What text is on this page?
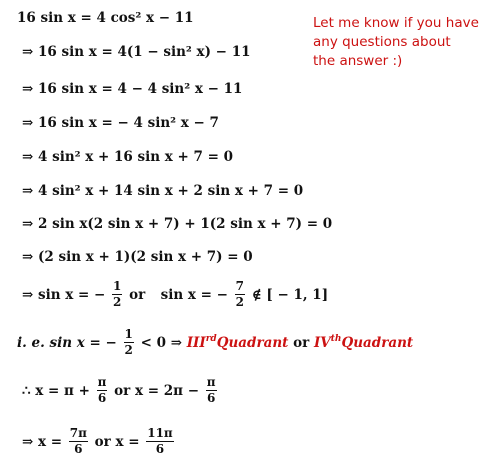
Let me know if you have
any questions about
the answer :)
16 sin x = 4 cos² x − 11
⇒ 16 sin x = 4(1 − sin² x) − 11
⇒ 16 sin x = 4 − 4 sin² x − 11
⇒ 16 sin x = − 4 sin² x − 7
⇒ 4 sin² x + 16 sin x + 7 = 0
⇒ 4 sin² x + 14 sin x + 2 sin x + 7 = 0
⇒ 2 sin x(2 sin x + 7) + 1(2 sin x + 7) = 0
⇒ (2 sin x + 1)(2 sin x + 7) = 0
⇒ sin x = − $\frac{1}{2}$ or sin x = − $\frac{7}{2}$ ∉ [ − 1, 1]
i. e. sin x = − $\frac{1}{2} < 0$ ⇒ IIIrdQuadrant or IVthQuadrant
∴ $x = \pi + \frac{\pi}{6}$ or $x = 2\pi - \frac{\pi}{6}$
⇒ $x = \frac{7\pi}{6}$ or $x = \frac{11\pi}{6}$
